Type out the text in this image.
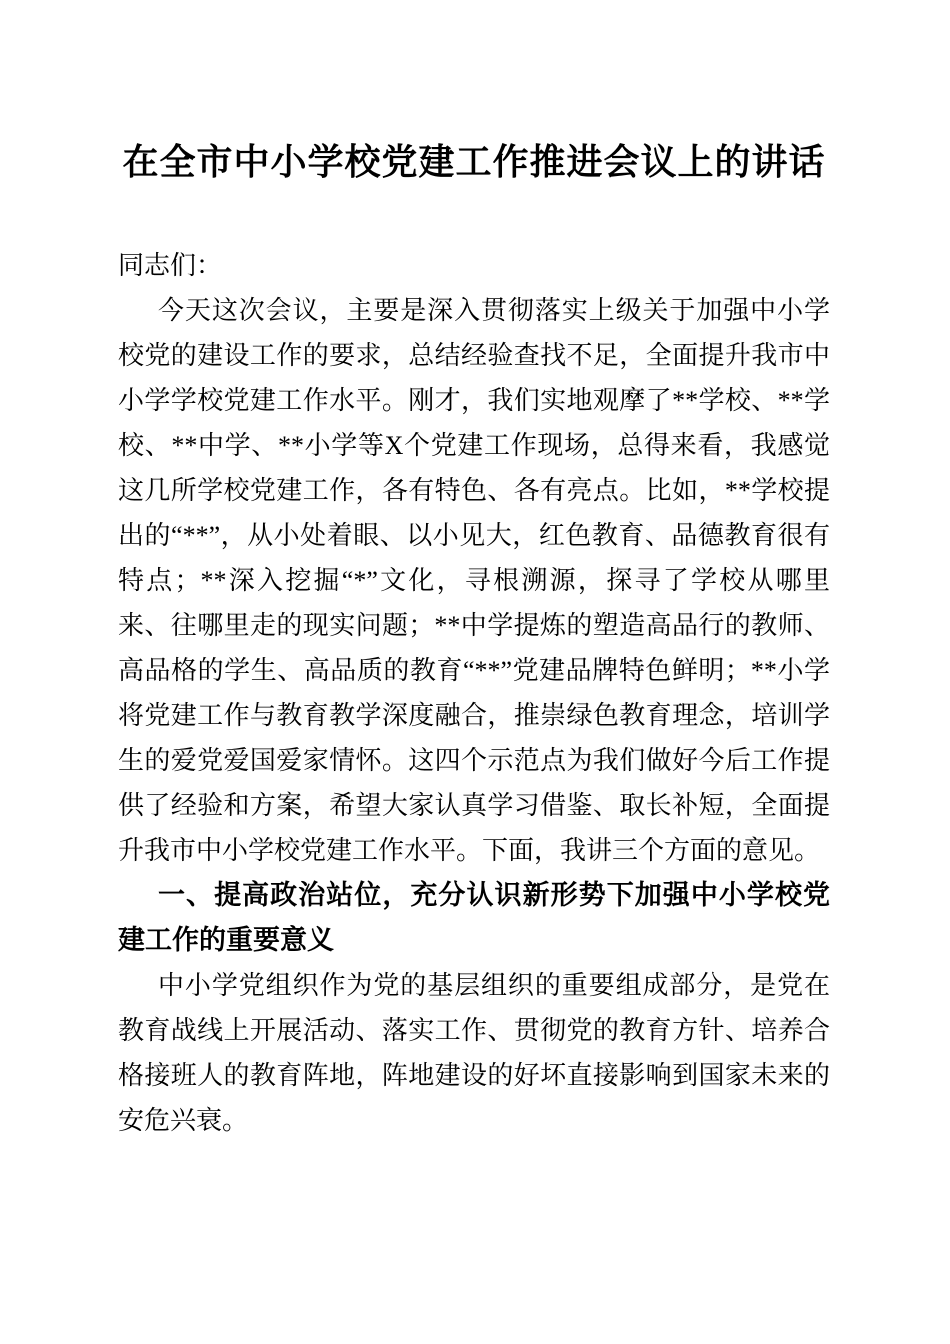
在全市中小学校党建工作推进会议上的讲话

同志们：

今天这次会议，主要是深入贯彻落实上级关于加强中小学校党的建设工作的要求，总结经验查找不足，全面提升我市中小学学校党建工作水平。刚才，我们实地观摩了**学校、**学校、**中学、**小学等X个党建工作现场，总得来看，我感觉这几所学校党建工作，各有特色、各有亮点。比如，**学校提出的“**”，从小处着眼、以小见大，红色教育、品德教育很有特点；**深入挖掘“*”文化，寻根溯源，探寻了学校从哪里来、往哪里走的现实问题；**中学提炼的塑造高品行的教师、高品格的学生、高品质的教育“**”党建品牌特色鲜明；**小学将党建工作与教育教学深度融合，推崇绿色教育理念，培训学生的爱党爱国爱家情怀。这四个示范点为我们做好今后工作提供了经验和方案，希望大家认真学习借鉴、取长补短，全面提升我市中小学校党建工作水平。下面，我讲三个方面的意见。

一、提高政治站位，充分认识新形势下加强中小学校党建工作的重要意义

中小学党组织作为党的基层组织的重要组成部分，是党在教育战线上开展活动、落实工作、贯彻党的教育方针、培养合格接班人的教育阵地，阵地建设的好坏直接影响到国家未来的安危兴衰。
